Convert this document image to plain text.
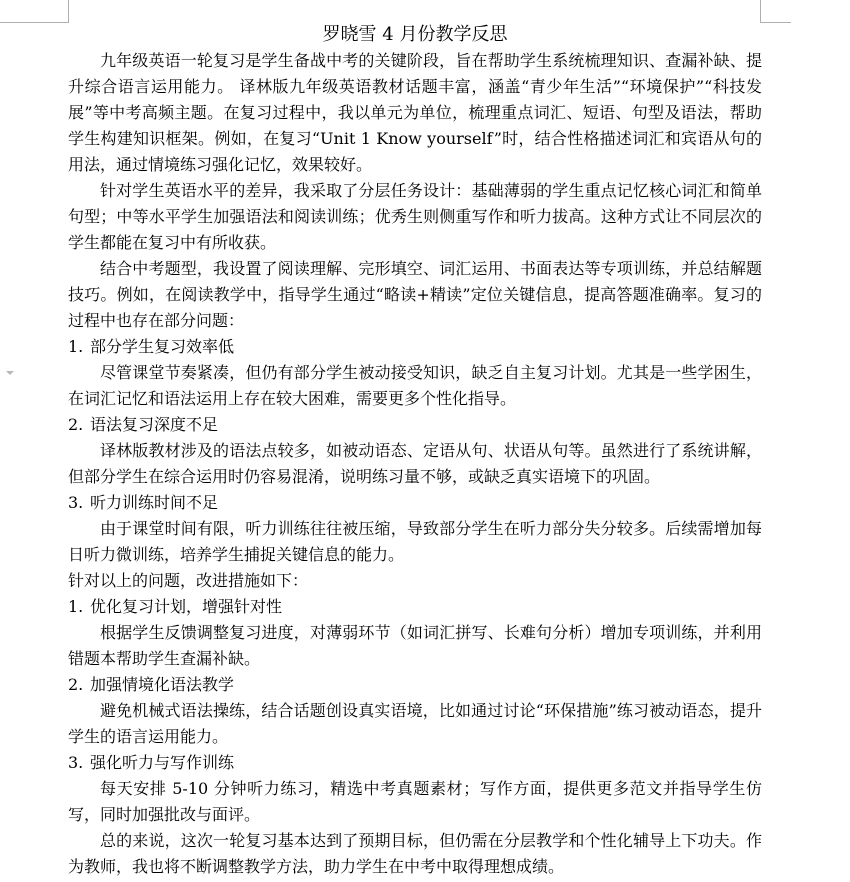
罗晓雪 4 月份教学反思

九年级英语一轮复习是学生备战中考的关键阶段，旨在帮助学生系统梳理知识、查漏补缺、提升综合语言运用能力。 译林版九年级英语教材话题丰富，涵盖“青少年生活”“环境保护”“科技发展”等中考高频主题。在复习过程中，我以单元为单位，梳理重点词汇、短语、句型及语法，帮助学生构建知识框架。例如，在复习“Unit 1 Know yourself”时，结合性格描述词汇和宾语从句的用法，通过情境练习强化记忆，效果较好。

针对学生英语水平的差异，我采取了分层任务设计：基础薄弱的学生重点记忆核心词汇和简单句型；中等水平学生加强语法和阅读训练；优秀生则侧重写作和听力拔高。这种方式让不同层次的学生都能在复习中有所收获。

结合中考题型，我设置了阅读理解、完形填空、词汇运用、书面表达等专项训练，并总结解题技巧。例如，在阅读教学中，指导学生通过“略读+精读”定位关键信息，提高答题准确率。复习的过程中也存在部分问题：

1. 部分学生复习效率低

尽管课堂节奏紧凑，但仍有部分学生被动接受知识，缺乏自主复习计划。尤其是一些学困生，在词汇记忆和语法运用上存在较大困难，需要更多个性化指导。

2. 语法复习深度不足

译林版教材涉及的语法点较多，如被动语态、定语从句、状语从句等。虽然进行了系统讲解，但部分学生在综合运用时仍容易混淆，说明练习量不够，或缺乏真实语境下的巩固。

3. 听力训练时间不足

由于课堂时间有限，听力训练往往被压缩，导致部分学生在听力部分失分较多。后续需增加每日听力微训练，培养学生捕捉关键信息的能力。

针对以上的问题，改进措施如下：

1. 优化复习计划，增强针对性

根据学生反馈调整复习进度，对薄弱环节（如词汇拼写、长难句分析）增加专项训练，并利用错题本帮助学生查漏补缺。

2. 加强情境化语法教学

避免机械式语法操练，结合话题创设真实语境，比如通过讨论“环保措施”练习被动语态，提升学生的语言运用能力。

3. 强化听力与写作训练

每天安排 5-10 分钟听力练习，精选中考真题素材；写作方面，提供更多范文并指导学生仿写，同时加强批改与面评。

总的来说，这次一轮复习基本达到了预期目标，但仍需在分层教学和个性化辅导上下功夫。作为教师，我也将不断调整教学方法，助力学生在中考中取得理想成绩。
